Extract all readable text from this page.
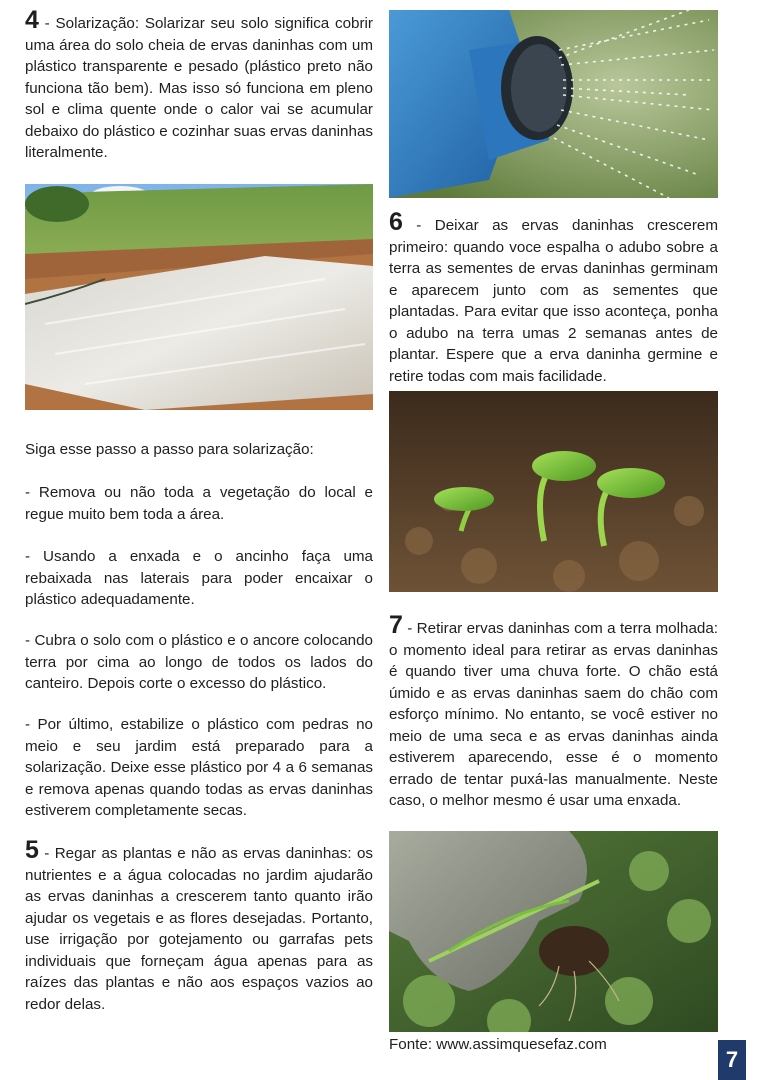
4 - Solarização: Solarizar seu solo significa cobrir uma área do solo cheia de ervas daninhas com um plástico transparente e pesado (plástico preto não funciona tão bem). Mas isso só funciona em pleno sol e clima quente onde o calor vai se acumular debaixo do plástico e cozinhar suas ervas daninhas literalmente.

Siga esse passo a passo para solarização:

- Remova ou não toda a vegetação do local e regue muito bem toda a área.

- Usando a enxada e o ancinho faça uma rebaixada nas laterais para poder encaixar o plástico adequadamente.

- Cubra o solo com o plástico e o ancore colocando terra por cima ao longo de todos os lados do canteiro. Depois corte o excesso do plástico.

- Por último, estabilize o plástico com pedras no meio e seu jardim está preparado para a solarização. Deixe esse plástico por 4 a 6 semanas e remova apenas quando todas as ervas daninhas estiverem completamente secas.

5 - Regar as plantas e não as ervas daninhas: os nutrientes e a água colocadas no jardim ajudarão as ervas daninhas a crescerem tanto quanto irão ajudar os vegetais e as flores desejadas. Portanto, use irrigação por gotejamento ou garrafas pets individuais que forneçam água apenas para as raízes das plantas e não aos espaços vazios ao redor delas.

6 - Deixar as ervas daninhas crescerem primeiro: quando voce espalha o adubo sobre a terra as sementes de ervas daninhas germinam e aparecem junto com as sementes que plantadas. Para evitar que isso aconteça, ponha o adubo na terra umas 2 semanas antes de plantar. Espere que a erva daninha germine e retire todas com mais facilidade.

7 - Retirar ervas daninhas com a terra molhada: o momento ideal para retirar as ervas daninhas é quando tiver uma chuva forte. O chão está úmido e as ervas daninhas saem do chão com esforço mínimo. No entanto, se você estiver no meio de uma seca e as ervas daninhas ainda estiverem aparecendo, esse é o momento errado de tentar puxá-las manualmente. Neste caso, o melhor mesmo é usar uma enxada.

Fonte: www.assimquesefaz.com

7
